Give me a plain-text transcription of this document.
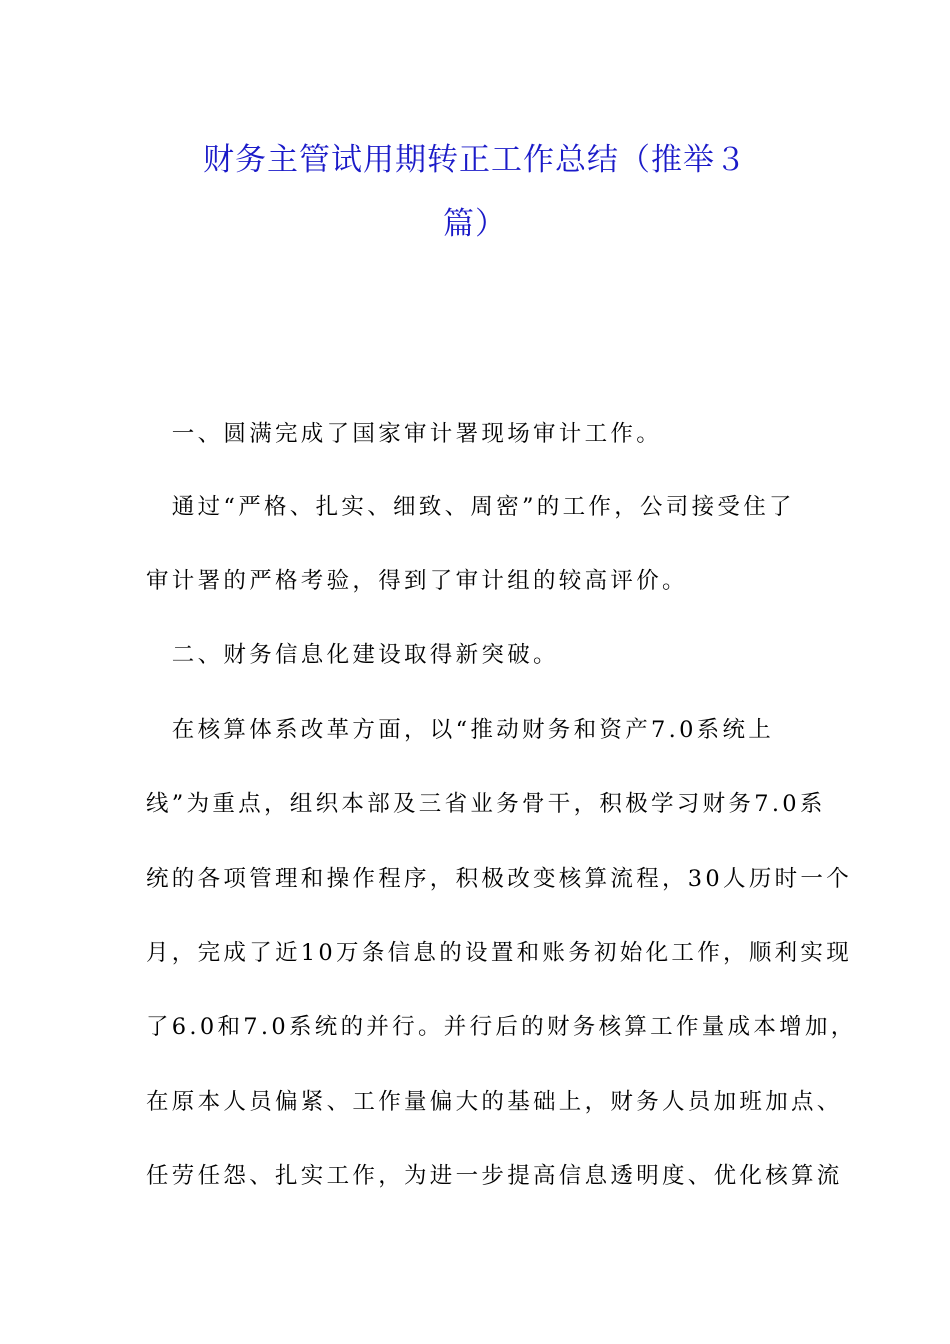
财务主管试用期转正工作总结（推举３
篇）
　一、圆满完成了国家审计署现场审计工作。
　通过“严格、扎实、细致、周密”的工作，公司接受住了
审计署的严格考验，得到了审计组的较高评价。
　二、财务信息化建设取得新突破。
　在核算体系改革方面，以“推动财务和资产7.0系统上
线”为重点，组织本部及三省业务骨干，积极学习财务7.0系
统的各项管理和操作程序，积极改变核算流程，30人历时一个
月，完成了近10万条信息的设置和账务初始化工作，顺利实现
了6.0和7.0系统的并行。并行后的财务核算工作量成本增加，
在原本人员偏紧、工作量偏大的基础上，财务人员加班加点、
任劳任怨、扎实工作，为进一步提高信息透明度、优化核算流
